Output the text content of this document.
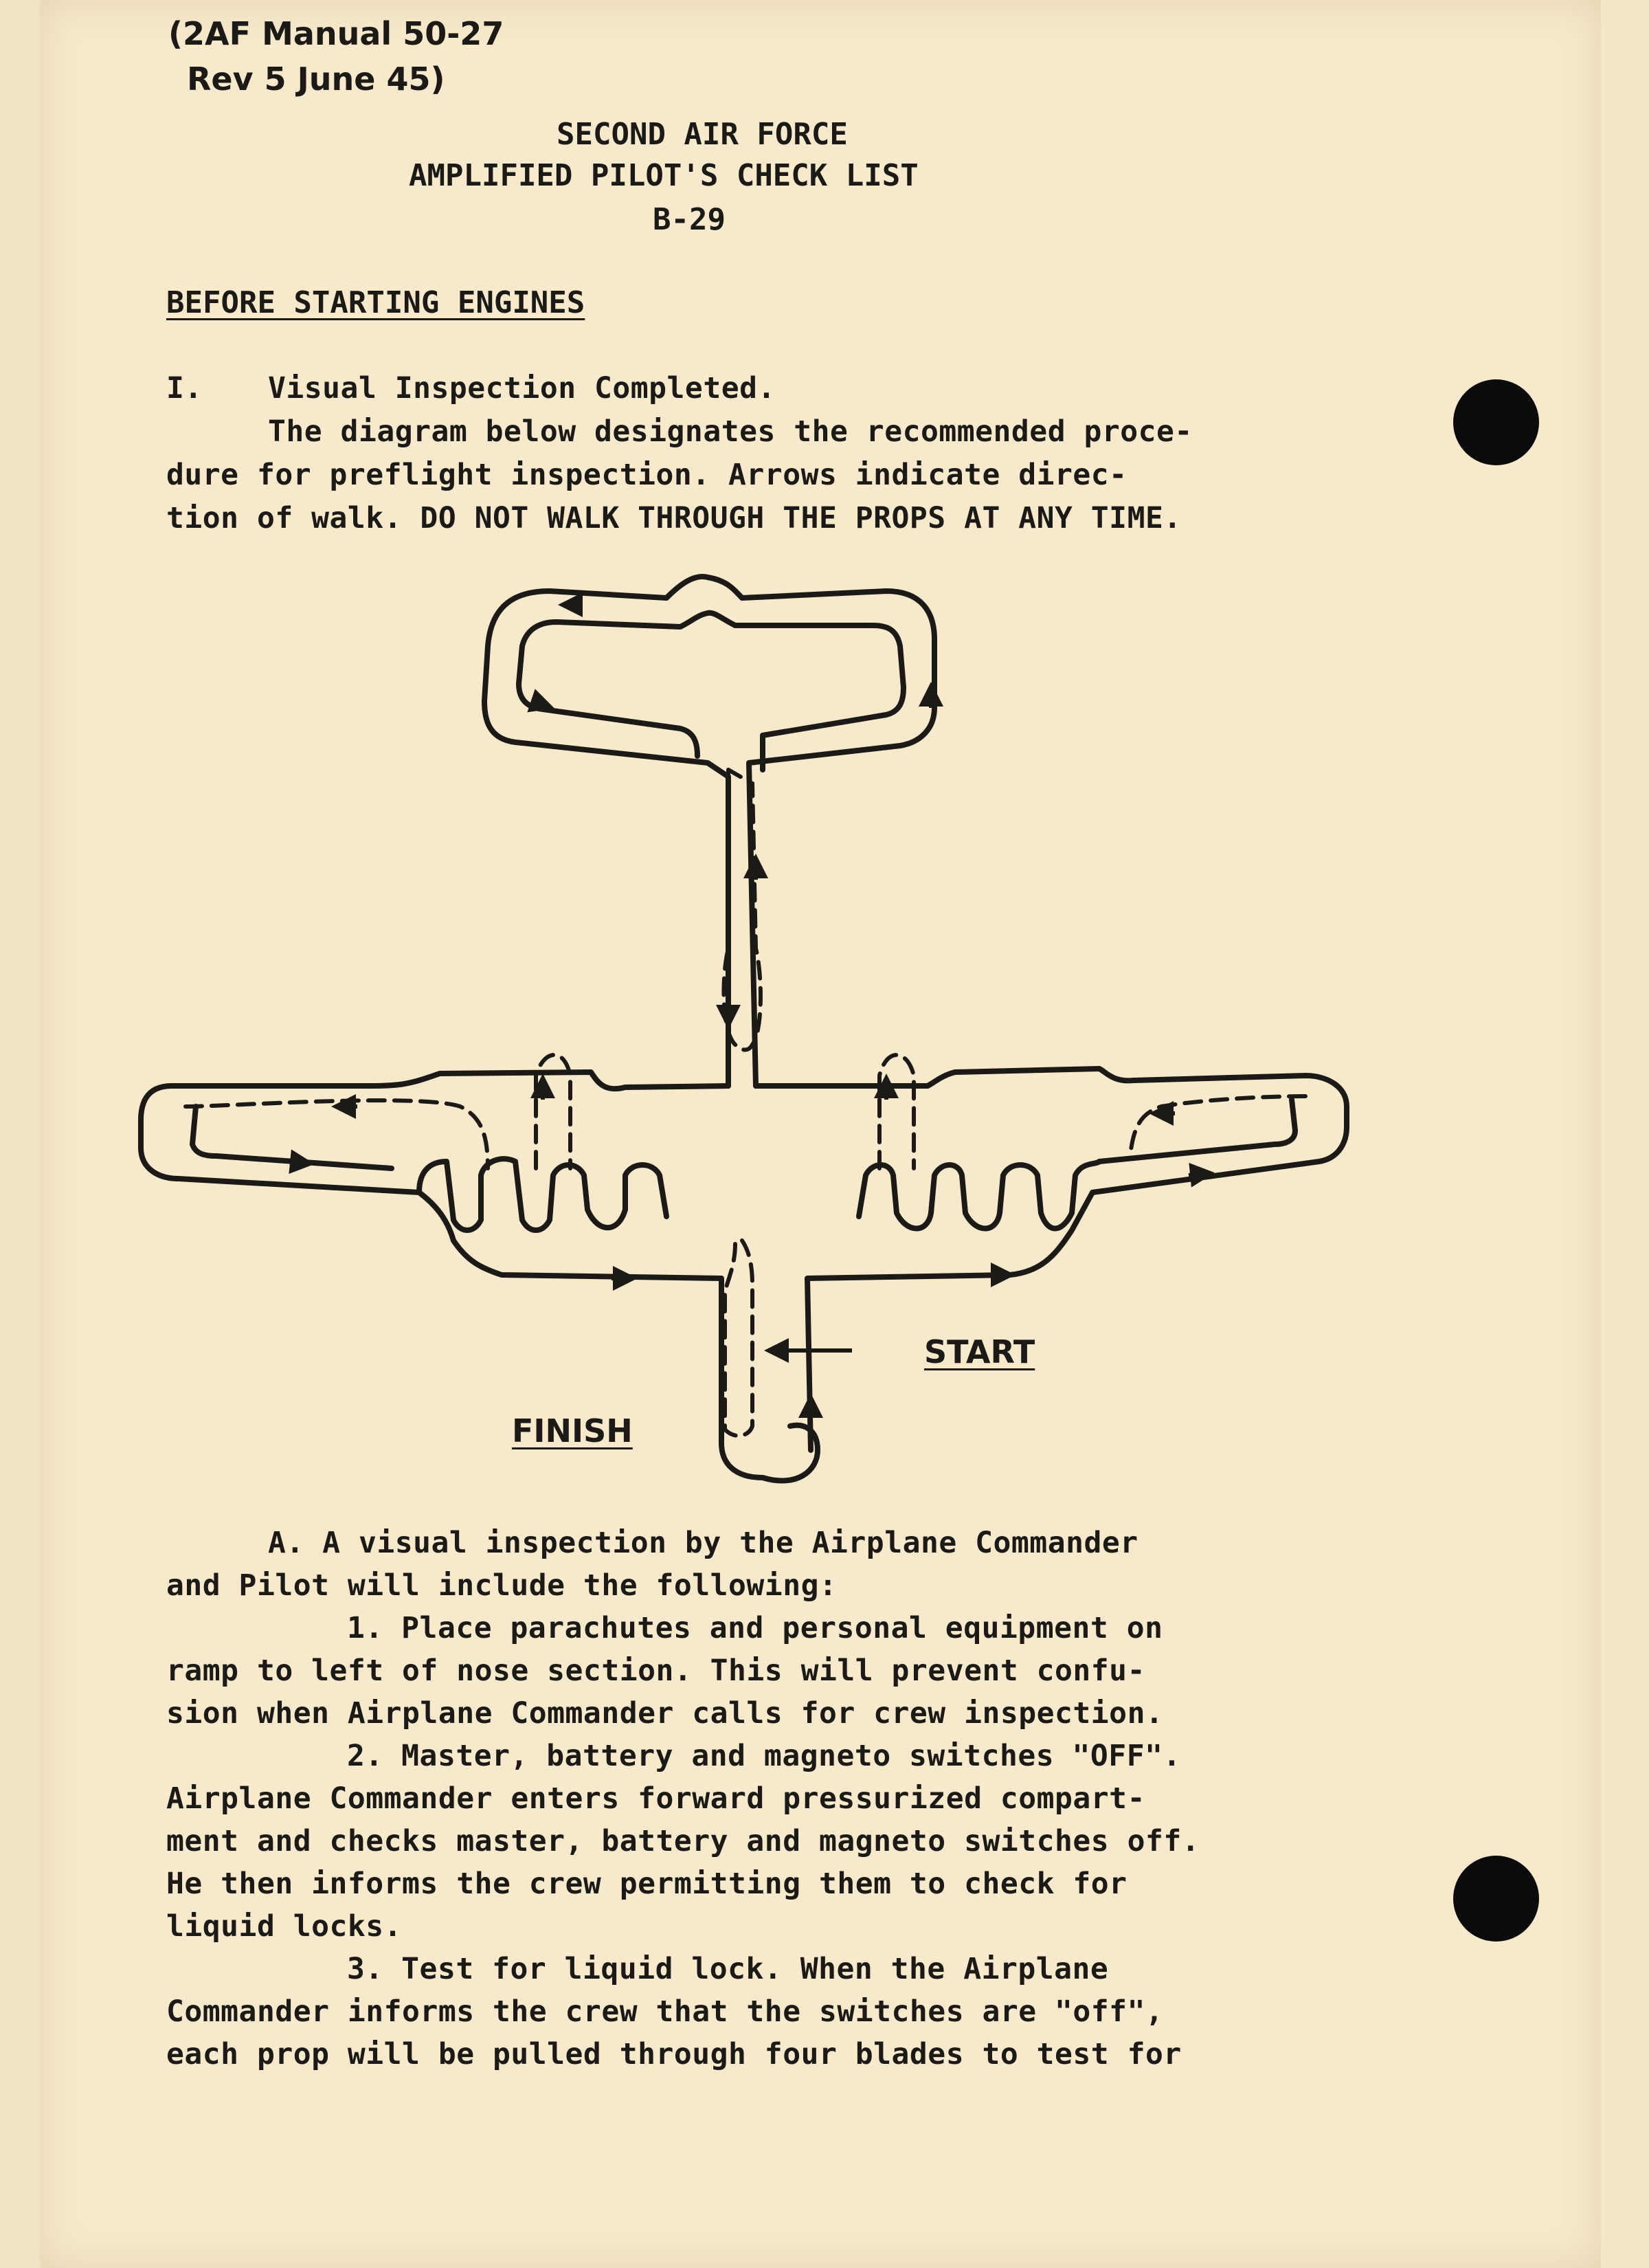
(2AF Manual 50-27
Rev 5 June 45)
SECOND AIR FORCE
AMPLIFIED PILOT'S CHECK LIST
B-29
BEFORE STARTING ENGINES
I. Visual Inspection Completed.
The diagram below designates the recommended proce-
dure for preflight inspection. Arrows indicate direc-
tion of walk. DO NOT WALK THROUGH THE PROPS AT ANY TIME.
START
FINISH
A. A visual inspection by the Airplane Commander
and Pilot will include the following:
1. Place parachutes and personal equipment on
ramp to left of nose section. This will prevent confu-
sion when Airplane Commander calls for crew inspection.
2. Master, battery and magneto switches "OFF".
Airplane Commander enters forward pressurized compart-
ment and checks master, battery and magneto switches off.
He then informs the crew permitting them to check for
liquid locks.
3. Test for liquid lock. When the Airplane
Commander informs the crew that the switches are "off",
each prop will be pulled through four blades to test for
